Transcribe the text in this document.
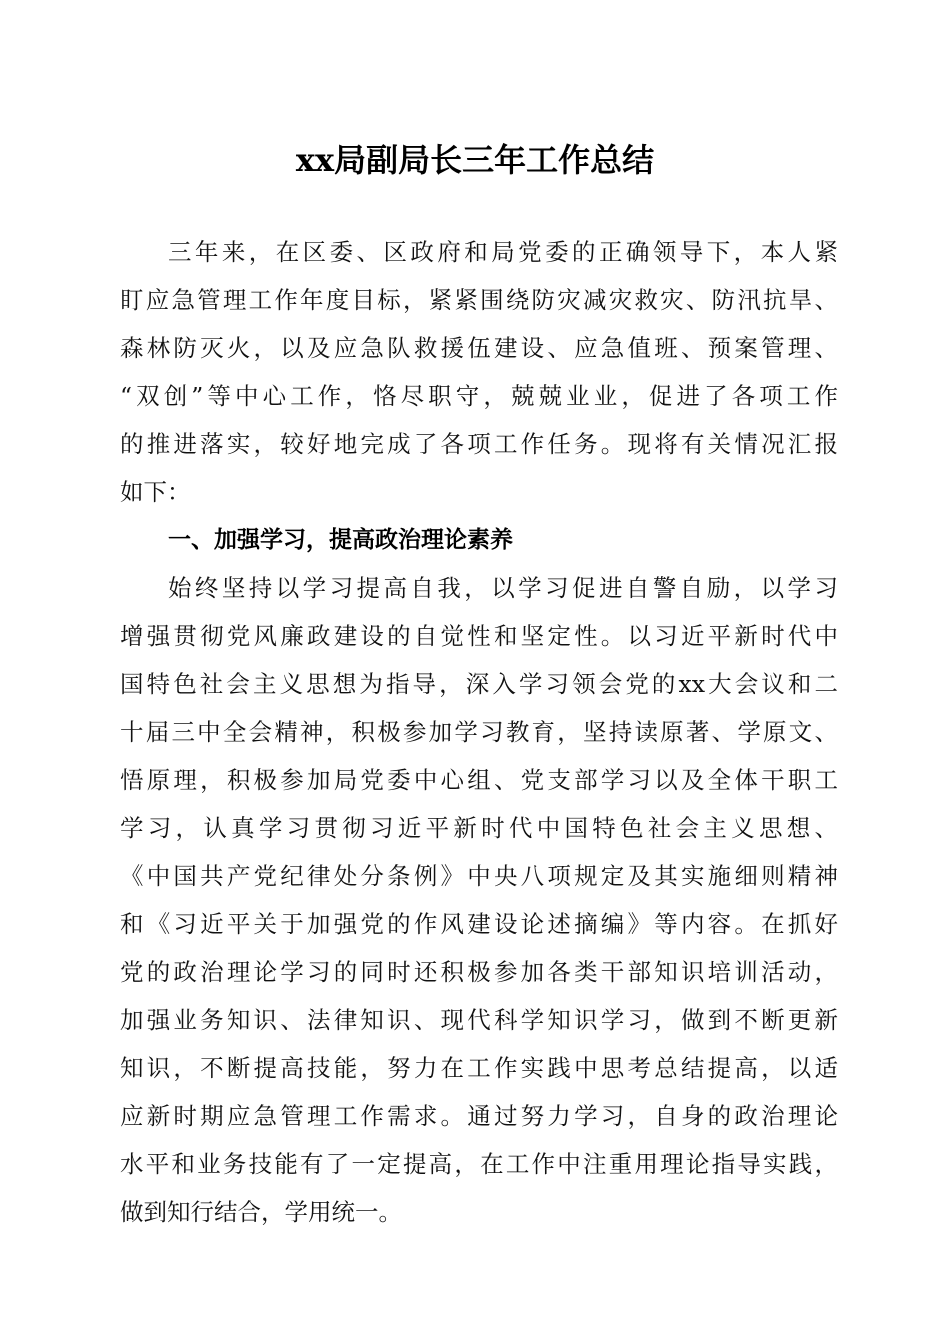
xx局副局长三年工作总结
三年来，在区委、区政府和局党委的正确领导下，本人紧
盯应急管理工作年度目标，紧紧围绕防灾减灾救灾、防汛抗旱、
森林防灭火，以及应急队救援伍建设、应急值班、预案管理、
“双创”等中心工作，恪尽职守，兢兢业业，促进了各项工作
的推进落实，较好地完成了各项工作任务。现将有关情况汇报
如下：
一、加强学习，提高政治理论素养
始终坚持以学习提高自我，以学习促进自警自励，以学习
增强贯彻党风廉政建设的自觉性和坚定性。以习近平新时代中
国特色社会主义思想为指导，深入学习领会党的xx大会议和二
十届三中全会精神，积极参加学习教育，坚持读原著、学原文、
悟原理，积极参加局党委中心组、党支部学习以及全体干职工
学习，认真学习贯彻习近平新时代中国特色社会主义思想、
《中国共产党纪律处分条例》中央八项规定及其实施细则精神
和《习近平关于加强党的作风建设论述摘编》等内容。在抓好
党的政治理论学习的同时还积极参加各类干部知识培训活动，
加强业务知识、法律知识、现代科学知识学习，做到不断更新
知识，不断提高技能，努力在工作实践中思考总结提高，以适
应新时期应急管理工作需求。通过努力学习，自身的政治理论
水平和业务技能有了一定提高，在工作中注重用理论指导实践，
做到知行结合，学用统一。
